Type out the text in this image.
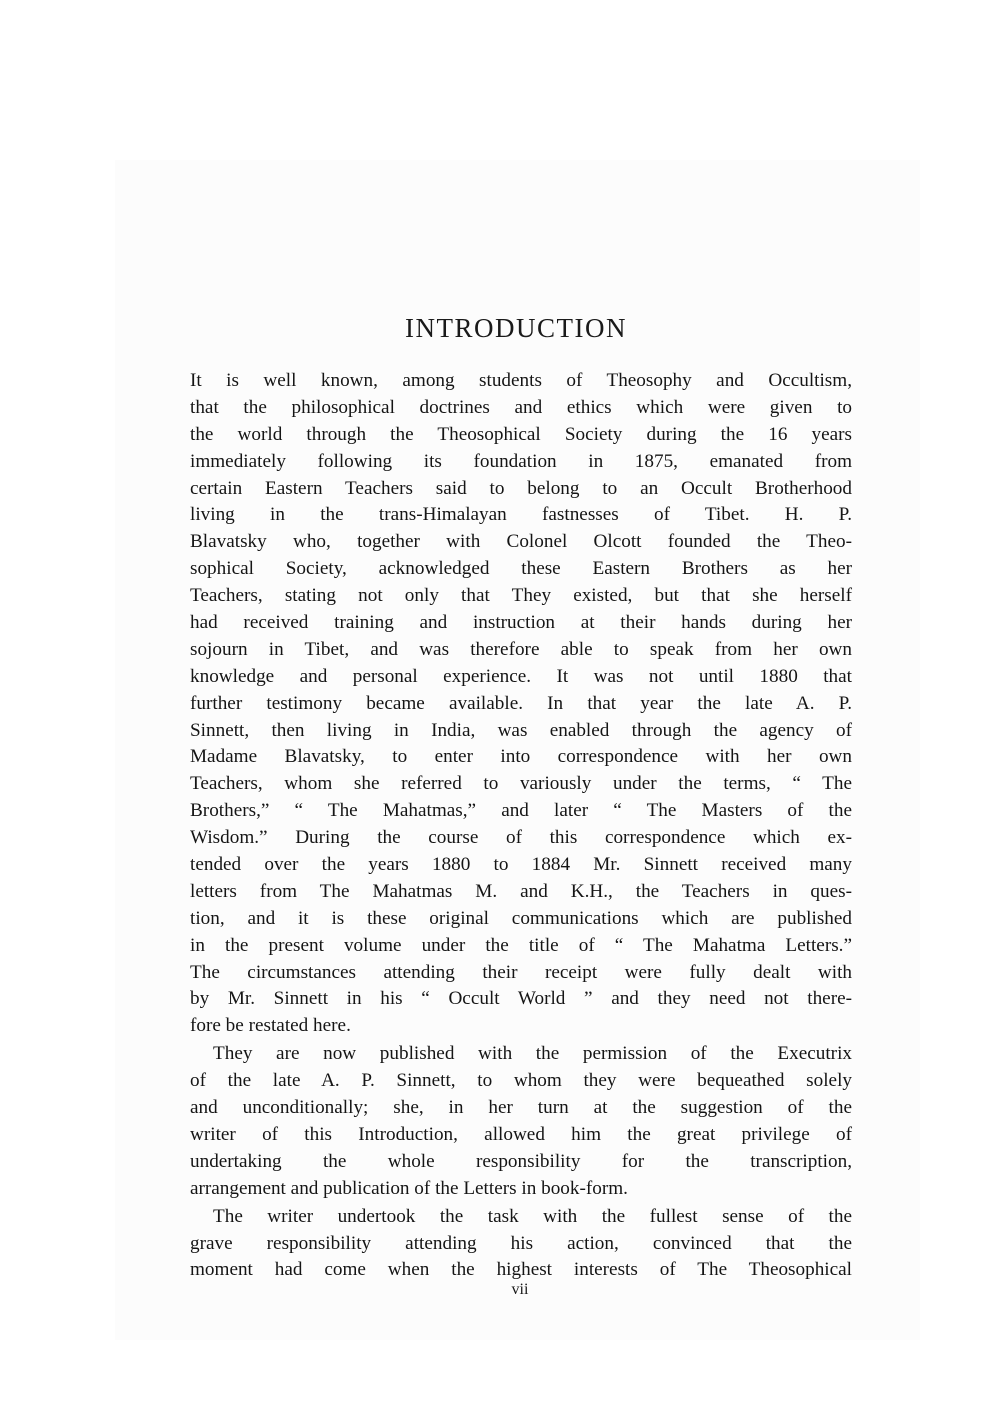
INTRODUCTION
It is well known, among students of Theosophy and Occultism,
that the philosophical doctrines and ethics which were given to
the world through the Theosophical Society during the 16 years
immediately following its foundation in 1875, emanated from
certain Eastern Teachers said to belong to an Occult Brotherhood
living in the trans-Himalayan fastnesses of Tibet. H. P.
Blavatsky who, together with Colonel Olcott founded the Theo-
sophical Society, acknowledged these Eastern Brothers as her
Teachers, stating not only that They existed, but that she herself
had received training and instruction at their hands during her
sojourn in Tibet, and was therefore able to speak from her own
knowledge and personal experience. It was not until 1880 that
further testimony became available. In that year the late A. P.
Sinnett, then living in India, was enabled through the agency of
Madame Blavatsky, to enter into correspondence with her own
Teachers, whom she referred to variously under the terms, “ The
Brothers,” “ The Mahatmas,” and later “ The Masters of the
Wisdom.” During the course of this correspondence which ex-
tended over the years 1880 to 1884 Mr. Sinnett received many
letters from The Mahatmas M. and K.H., the Teachers in ques-
tion, and it is these original communications which are published
in the present volume under the title of “ The Mahatma Letters.”
The circumstances attending their receipt were fully dealt with
by Mr. Sinnett in his “ Occult World ” and they need not there-
fore be restated here.
They are now published with the permission of the Executrix
of the late A. P. Sinnett, to whom they were bequeathed solely
and unconditionally; she, in her turn at the suggestion of the
writer of this Introduction, allowed him the great privilege of
undertaking the whole responsibility for the transcription,
arrangement and publication of the Letters in book-form.
The writer undertook the task with the fullest sense of the
grave responsibility attending his action, convinced that the
moment had come when the highest interests of The Theosophical
vii
